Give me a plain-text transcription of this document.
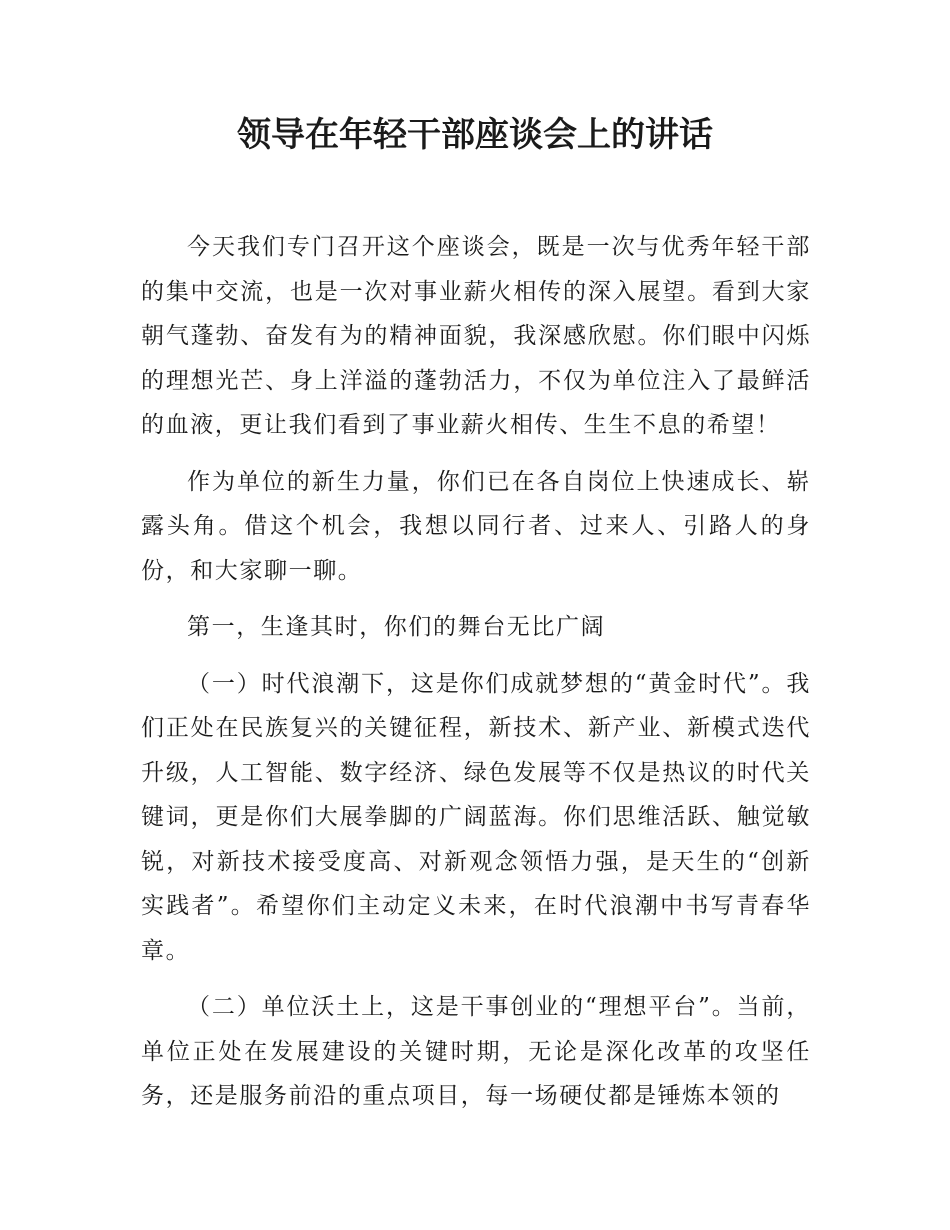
领导在年轻干部座谈会上的讲话

今天我们专门召开这个座谈会，既是一次与优秀年轻干部的集中交流，也是一次对事业薪火相传的深入展望。看到大家朝气蓬勃、奋发有为的精神面貌，我深感欣慰。你们眼中闪烁的理想光芒、身上洋溢的蓬勃活力，不仅为单位注入了最鲜活的血液，更让我们看到了事业薪火相传、生生不息的希望！

作为单位的新生力量，你们已在各自岗位上快速成长、崭露头角。借这个机会，我想以同行者、过来人、引路人的身份，和大家聊一聊。

第一，生逢其时，你们的舞台无比广阔

（一）时代浪潮下，这是你们成就梦想的“黄金时代”。我们正处在民族复兴的关键征程，新技术、新产业、新模式迭代升级，人工智能、数字经济、绿色发展等不仅是热议的时代关键词，更是你们大展拳脚的广阔蓝海。你们思维活跃、触觉敏锐，对新技术接受度高、对新观念领悟力强，是天生的“创新实践者”。希望你们主动定义未来，在时代浪潮中书写青春华章。

（二）单位沃土上，这是干事创业的“理想平台”。当前，单位正处在发展建设的关键时期，无论是深化改革的攻坚任务，还是服务前沿的重点项目，每一场硬仗都是锤炼本领的
